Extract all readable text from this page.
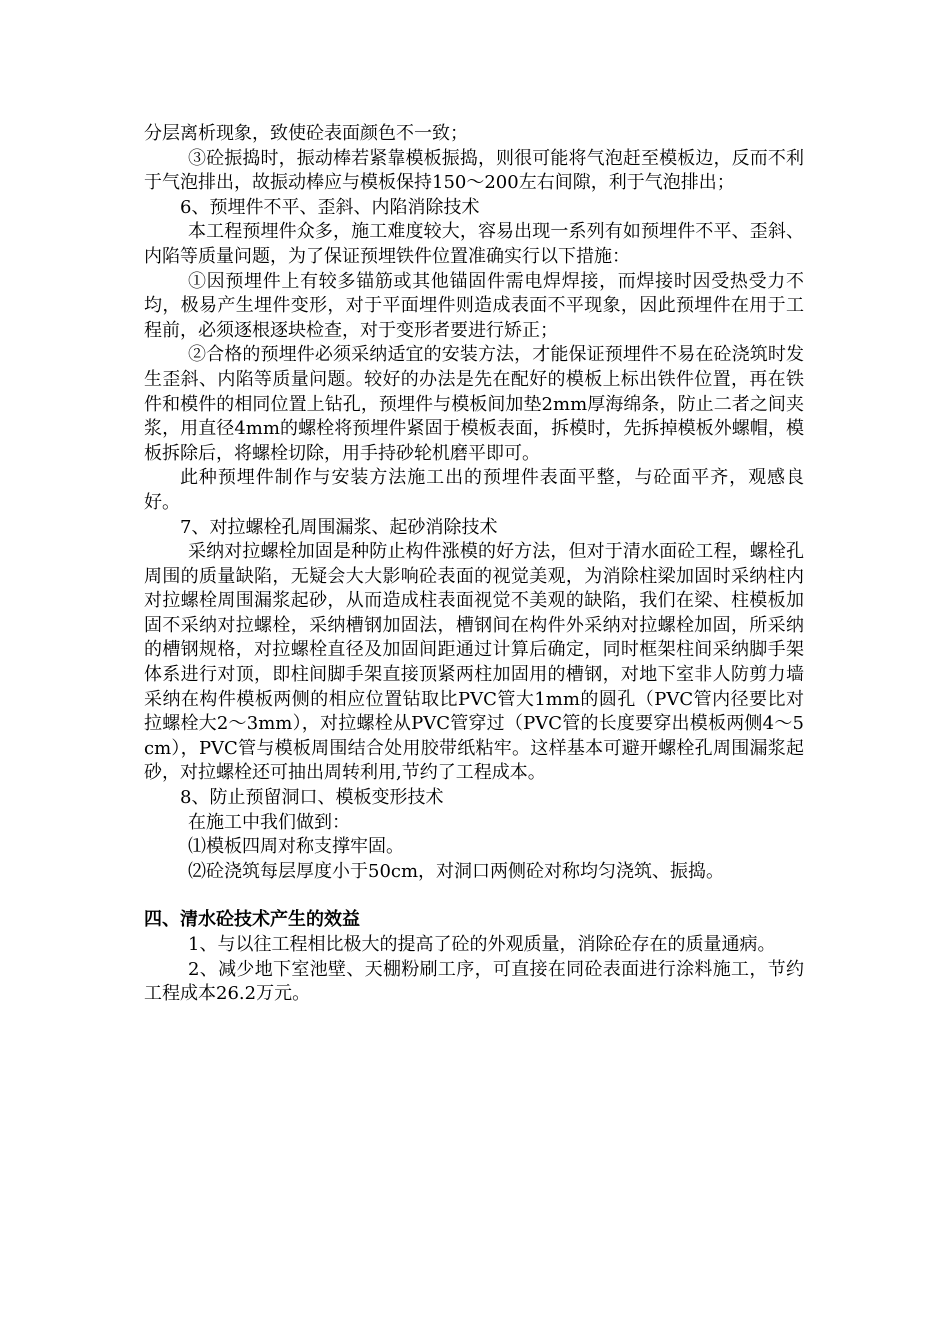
分层离析现象，致使砼表面颜色不一致；

③砼振捣时，振动棒若紧靠模板振捣，则很可能将气泡赶至模板边，反而不利于气泡排出，故振动棒应与模板保持150～200左右间隙，利于气泡排出；

6、预埋件不平、歪斜、内陷消除技术

本工程预埋件众多，施工难度较大，容易出现一系列有如预埋件不平、歪斜、内陷等质量问题，为了保证预埋铁件位置准确实行以下措施：

①因预埋件上有较多锚筋或其他锚固件需电焊焊接，而焊接时因受热受力不均，极易产生埋件变形，对于平面埋件则造成表面不平现象，因此预埋件在用于工程前，必须逐根逐块检查，对于变形者要进行矫正；

②合格的预埋件必须采纳适宜的安装方法，才能保证预埋件不易在砼浇筑时发生歪斜、内陷等质量问题。较好的办法是先在配好的模板上标出铁件位置，再在铁件和模件的相同位置上钻孔，预埋件与模板间加垫2mm厚海绵条，防止二者之间夹浆，用直径4mm的螺栓将预埋件紧固于模板表面，拆模时，先拆掉模板外螺帽，模板拆除后，将螺栓切除，用手持砂轮机磨平即可。

此种预埋件制作与安装方法施工出的预埋件表面平整，与砼面平齐，观感良好。

7、对拉螺栓孔周围漏浆、起砂消除技术

采纳对拉螺栓加固是种防止构件涨模的好方法，但对于清水面砼工程，螺栓孔周围的质量缺陷，无疑会大大影响砼表面的视觉美观，为消除柱梁加固时采纳柱内对拉螺栓周围漏浆起砂，从而造成柱表面视觉不美观的缺陷，我们在梁、柱模板加固不采纳对拉螺栓，采纳槽钢加固法，槽钢间在构件外采纳对拉螺栓加固，所采纳的槽钢规格，对拉螺栓直径及加固间距通过计算后确定，同时框架柱间采纳脚手架体系进行对顶，即柱间脚手架直接顶紧两柱加固用的槽钢，对地下室非人防剪力墙采纳在构件模板两侧的相应位置钻取比PVC管大1mm的圆孔（PVC管内径要比对拉螺栓大2～3mm），对拉螺栓从PVC管穿过（PVC管的长度要穿出模板两侧4～5cm），PVC管与模板周围结合处用胶带纸粘牢。这样基本可避开螺栓孔周围漏浆起砂，对拉螺栓还可抽出周转利用,节约了工程成本。

8、防止预留洞口、模板变形技术

在施工中我们做到：

⑴模板四周对称支撑牢固。

⑵砼浇筑每层厚度小于50cm，对洞口两侧砼对称均匀浇筑、振捣。

四、清水砼技术产生的效益

1、与以往工程相比极大的提高了砼的外观质量，消除砼存在的质量通病。

2、减少地下室池壁、天棚粉刷工序，可直接在同砼表面进行涂料施工，节约工程成本26.2万元。
